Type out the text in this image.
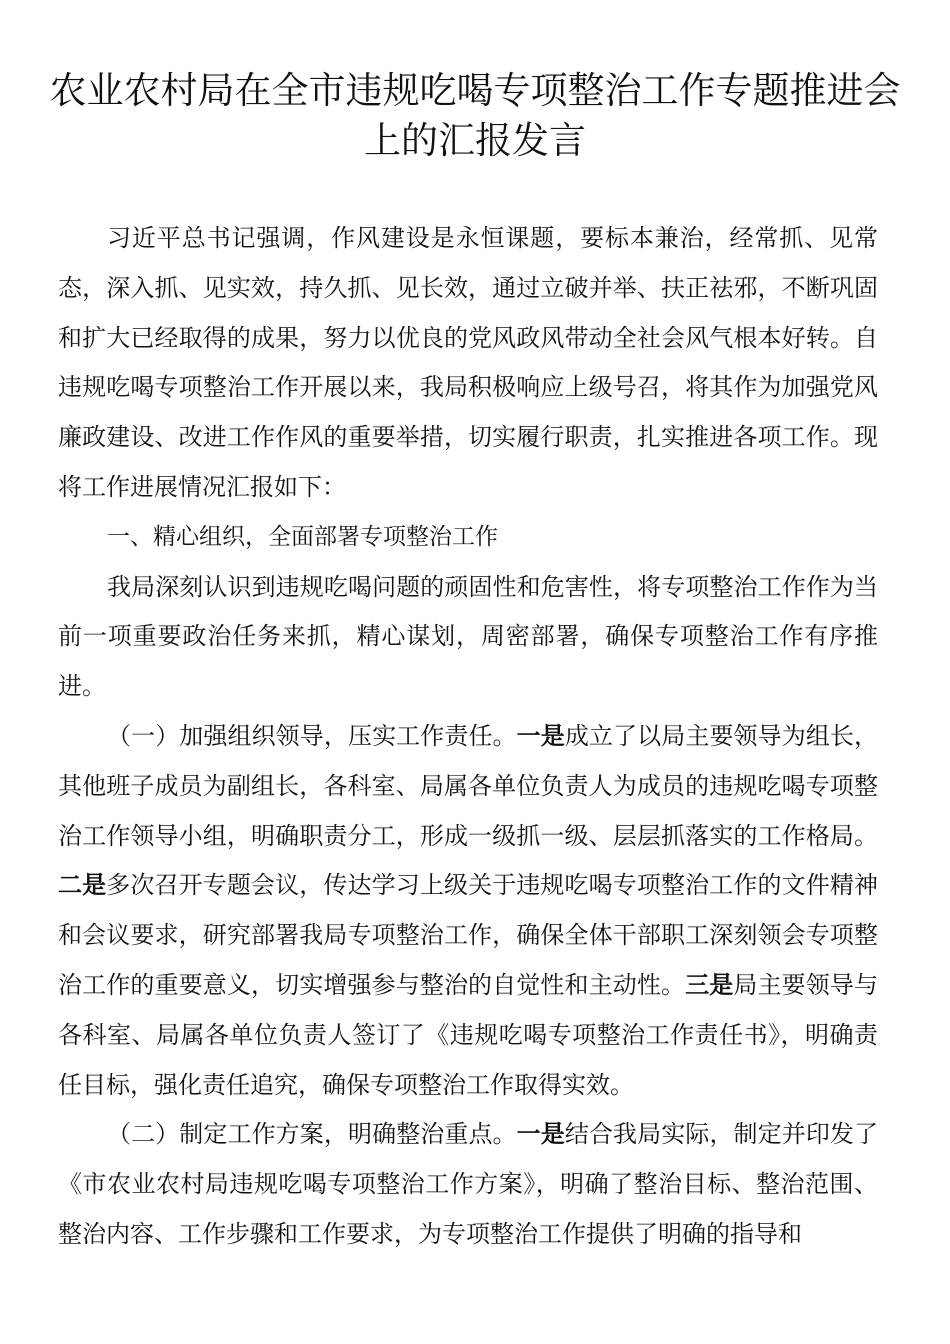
农业农村局在全市违规吃喝专项整治工作专题推进会上的汇报发言

习近平总书记强调，作风建设是永恒课题，要标本兼治，经常抓、见常态，深入抓、见实效，持久抓、见长效，通过立破并举、扶正祛邪，不断巩固和扩大已经取得的成果，努力以优良的党风政风带动全社会风气根本好转。自违规吃喝专项整治工作开展以来，我局积极响应上级号召，将其作为加强党风廉政建设、改进工作作风的重要举措，切实履行职责，扎实推进各项工作。现将工作进展情况汇报如下：

一、精心组织，全面部署专项整治工作

我局深刻认识到违规吃喝问题的顽固性和危害性，将专项整治工作作为当前一项重要政治任务来抓，精心谋划，周密部署，确保专项整治工作有序推进。

（一）加强组织领导，压实工作责任。一是成立了以局主要领导为组长，其他班子成员为副组长，各科室、局属各单位负责人为成员的违规吃喝专项整治工作领导小组，明确职责分工，形成一级抓一级、层层抓落实的工作格局。二是多次召开专题会议，传达学习上级关于违规吃喝专项整治工作的文件精神和会议要求，研究部署我局专项整治工作，确保全体干部职工深刻领会专项整治工作的重要意义，切实增强参与整治的自觉性和主动性。三是局主要领导与各科室、局属各单位负责人签订了《违规吃喝专项整治工作责任书》，明确责任目标，强化责任追究，确保专项整治工作取得实效。

（二）制定工作方案，明确整治重点。一是结合我局实际，制定并印发了《市农业农村局违规吃喝专项整治工作方案》，明确了整治目标、整治范围、整治内容、工作步骤和工作要求，为专项整治工作提供了明确的指导和
